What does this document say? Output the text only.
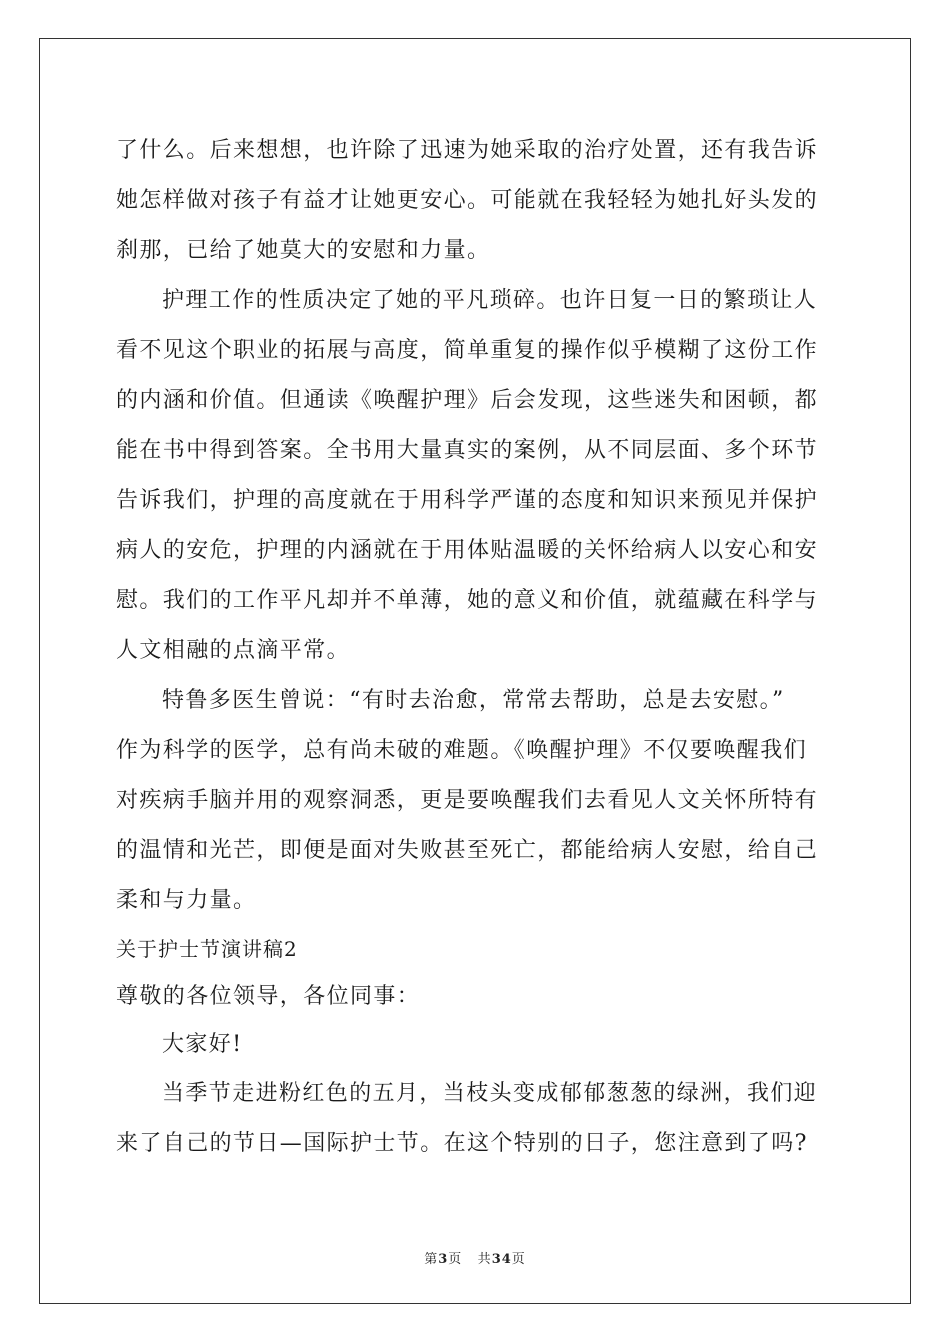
了什么。后来想想，也许除了迅速为她采取的治疗处置，还有我告诉
她怎样做对孩子有益才让她更安心。可能就在我轻轻为她扎好头发的
刹那，已给了她莫大的安慰和力量。
护理工作的性质决定了她的平凡琐碎。也许日复一日的繁琐让人
看不见这个职业的拓展与高度，简单重复的操作似乎模糊了这份工作
的内涵和价值。但通读《唤醒护理》后会发现，这些迷失和困顿，都
能在书中得到答案。全书用大量真实的案例，从不同层面、多个环节
告诉我们，护理的高度就在于用科学严谨的态度和知识来预见并保护
病人的安危，护理的内涵就在于用体贴温暖的关怀给病人以安心和安
慰。我们的工作平凡却并不单薄，她的意义和价值，就蕴藏在科学与
人文相融的点滴平常。
特鲁多医生曾说：“有时去治愈，常常去帮助，总是去安慰。”
作为科学的医学，总有尚未破的难题。《唤醒护理》不仅要唤醒我们
对疾病手脑并用的观察洞悉，更是要唤醒我们去看见人文关怀所特有
的温情和光芒，即便是面对失败甚至死亡，都能给病人安慰，给自己
柔和与力量。
关于护士节演讲稿2
尊敬的各位领导，各位同事：
大家好!
当季节走进粉红色的五月，当枝头变成郁郁葱葱的绿洲，我们迎
来了自己的节日—国际护士节。在这个特别的日子，您注意到了吗?
第3页 共34页
